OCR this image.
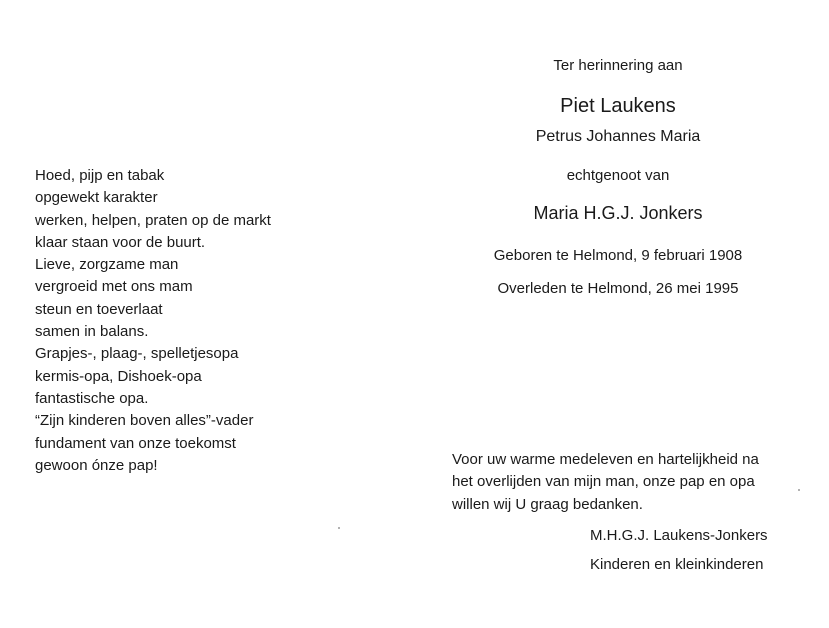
Hoed, pijp en tabak
opgewekt karakter
werken, helpen, praten op de markt
klaar staan voor de buurt.
Lieve, zorgzame man
vergroeid met ons mam
steun en toeverlaat
samen in balans.
Grapjes-, plaag-, spelletjesopa
kermis-opa, Dishoek-opa
fantastische opa.
“Zijn kinderen boven alles”-vader
fundament van onze toekomst
gewoon ónze pap!
Ter herinnering aan
Piet Laukens
Petrus Johannes Maria
echtgenoot van
Maria H.G.J. Jonkers
Geboren te Helmond, 9 februari 1908
Overleden te Helmond, 26 mei 1995
Voor uw warme medeleven en hartelijkheid na
het overlijden van mijn man, onze pap en opa
willen wij U graag bedanken.
M.H.G.J. Laukens-Jonkers
Kinderen en kleinkinderen
